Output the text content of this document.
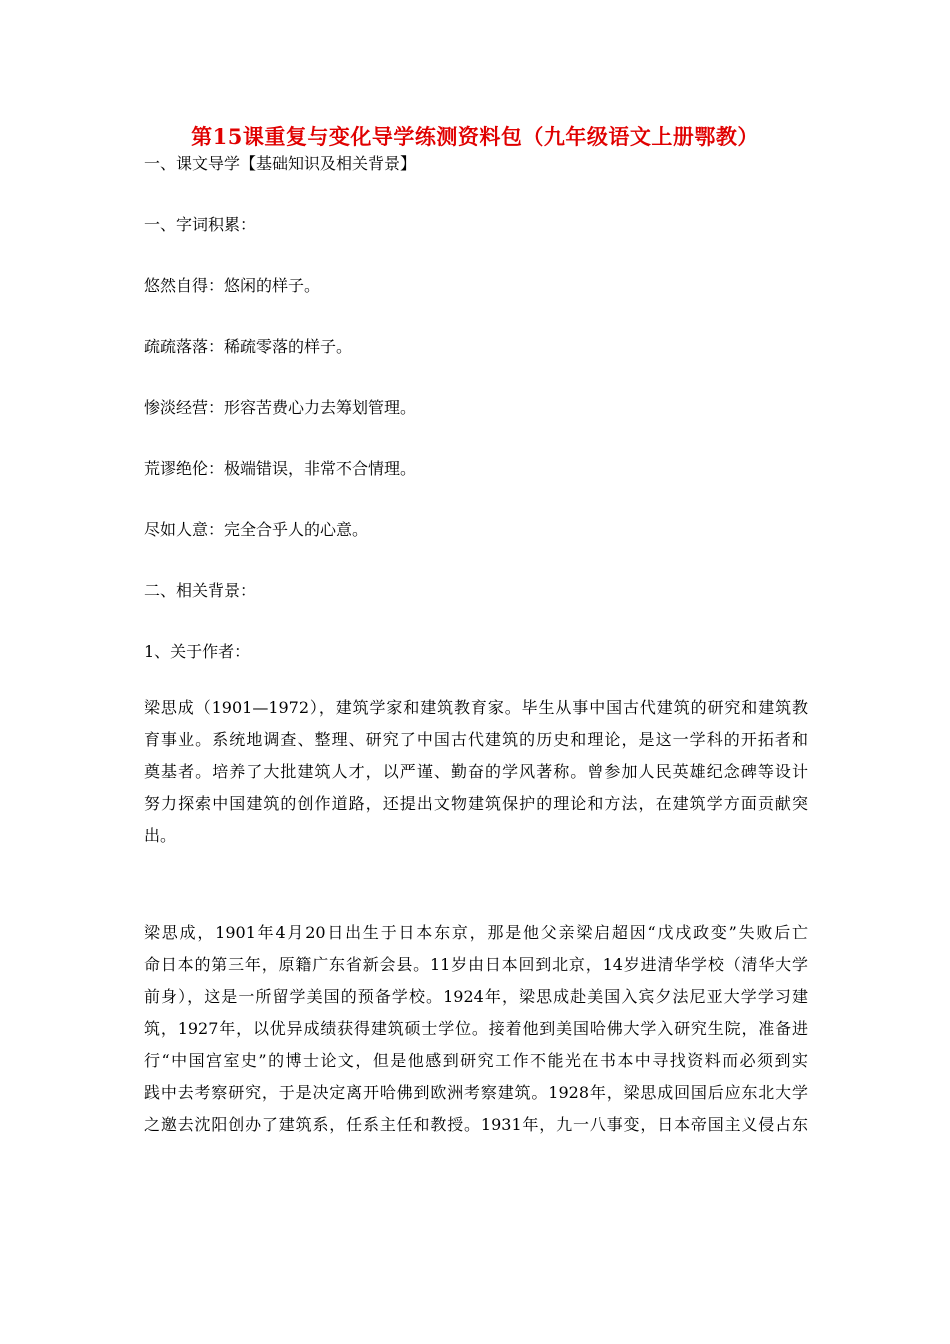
第15课重复与变化导学练测资料包（九年级语文上册鄂教）
一、课文导学【基础知识及相关背景】
一、字词积累：
悠然自得：悠闲的样子。
疏疏落落：稀疏零落的样子。
惨淡经营：形容苦费心力去筹划管理。
荒谬绝伦：极端错误，非常不合情理。
尽如人意：完全合乎人的心意。
二、相关背景：
1、关于作者：
梁思成（1901—1972），建筑学家和建筑教育家。毕生从事中国古代建筑的研究和建筑教
育事业。系统地调查、整理、研究了中国古代建筑的历史和理论，是这一学科的开拓者和
奠基者。培养了大批建筑人才，以严谨、勤奋的学风著称。曾参加人民英雄纪念碑等设计
努力探索中国建筑的创作道路，还提出文物建筑保护的理论和方法，在建筑学方面贡献突
出。
梁思成，1901年4月20日出生于日本东京，那是他父亲梁启超因“戊戌政变”失败后亡
命日本的第三年，原籍广东省新会县。11岁由日本回到北京，14岁进清华学校（清华大学
前身），这是一所留学美国的预备学校。1924年，梁思成赴美国入宾夕法尼亚大学学习建
筑，1927年，以优异成绩获得建筑硕士学位。接着他到美国哈佛大学入研究生院，准备进
行“中国宫室史”的博士论文，但是他感到研究工作不能光在书本中寻找资料而必须到实
践中去考察研究，于是决定离开哈佛到欧洲考察建筑。1928年，梁思成回国后应东北大学
之邀去沈阳创办了建筑系，任系主任和教授。1931年，九一八事变，日本帝国主义侵占东
